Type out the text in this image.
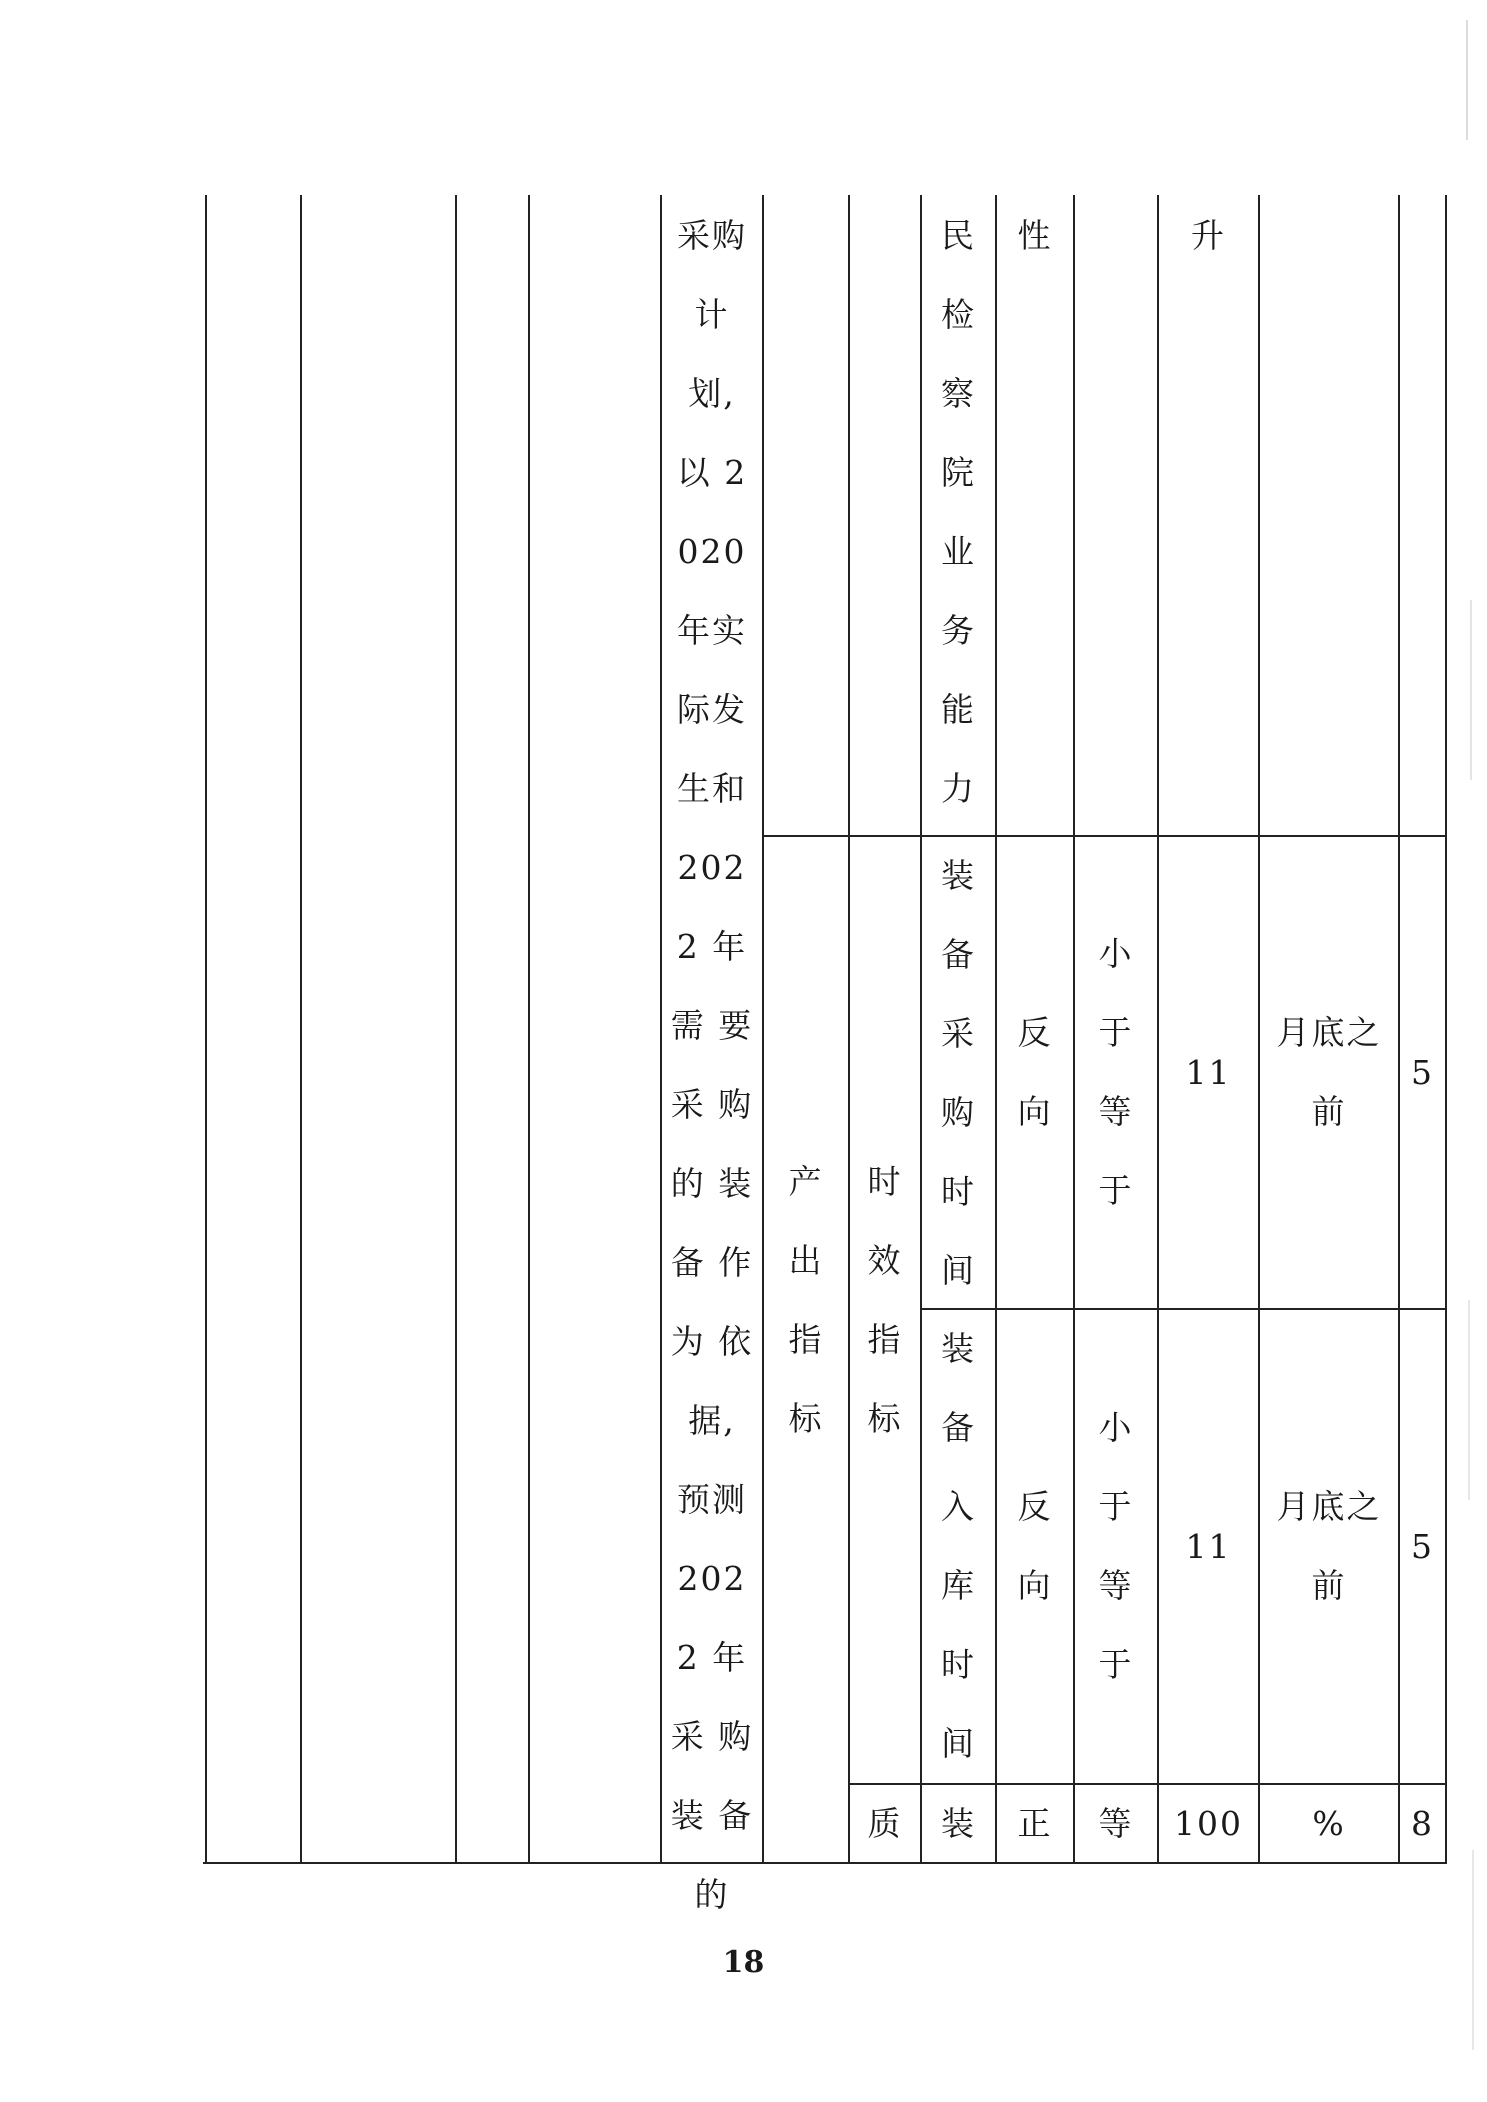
采购 计 划, 以 2020 年实 际发 生和 2022 年需 要采 购的 装备 作为 依 据, 预测 2022 年采 购装 备的
民 检 察 院 业 务 能 力
性	升
产 出 指 标
时 效 指 标
装 备 采 购 时 间
反 向
小 于 等 于
11
月底之 前
5
装 备 入 库 时 间
反 向
小 于 等 于
11
月底之 前
5
质 装 正 等 100 % 8
18
